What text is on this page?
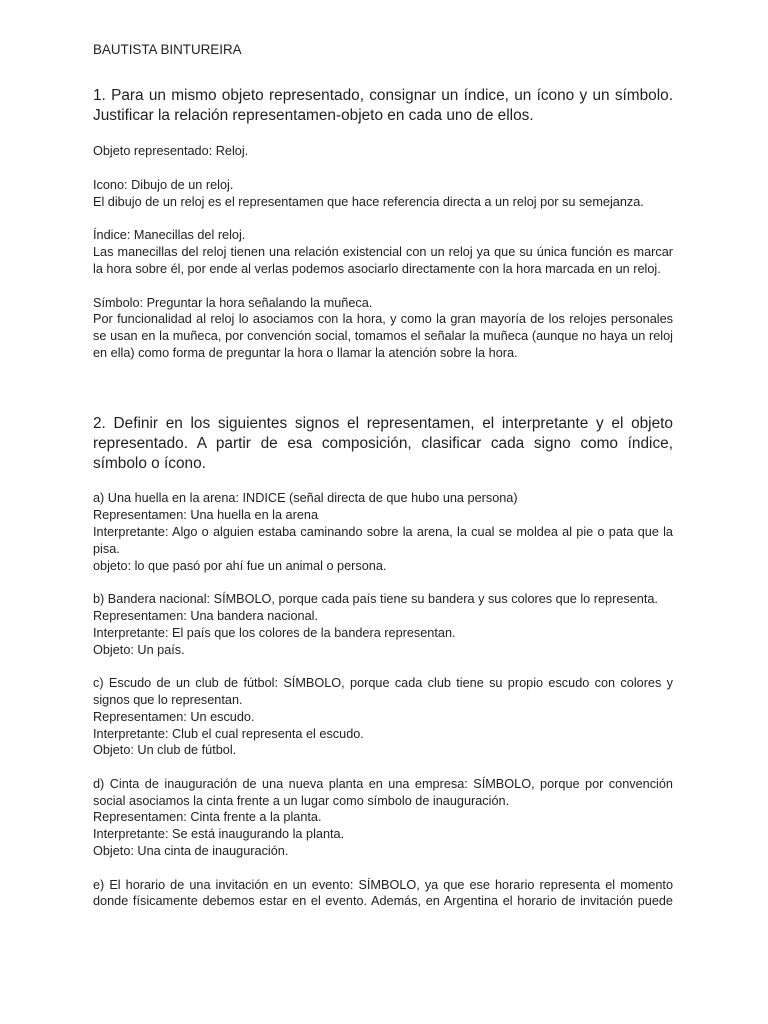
BAUTISTA BINTUREIRA

1. Para un mismo objeto representado, consignar un índice, un ícono y un símbolo. Justificar la relación representamen-objeto en cada uno de ellos.

Objeto representado: Reloj.

Icono: Dibujo de un reloj.

El dibujo de un reloj es el representamen que hace referencia directa a un reloj por su semejanza.

Índice: Manecillas del reloj.

Las manecillas del reloj tienen una relación existencial con un reloj ya que su única función es marcar la hora sobre él, por ende al verlas podemos asociarlo directamente con la hora marcada en un reloj.

Símbolo: Preguntar la hora señalando la muñeca.

Por funcionalidad al reloj lo asociamos con la hora, y como la gran mayoría de los relojes personales se usan en la muñeca, por convención social, tomamos el señalar la muñeca (aunque no haya un reloj en ella) como forma de preguntar la hora o llamar la atención sobre la hora.

2. Definir en los siguientes signos el representamen, el interpretante y el objeto representado. A partir de esa composición, clasificar cada signo como índice, símbolo o ícono.

a) Una huella en la arena: INDICE (señal directa de que hubo una persona)

Representamen: Una huella en la arena

Interpretante: Algo o alguien estaba caminando sobre la arena, la cual se moldea al pie o pata que la pisa.

objeto: lo que pasó por ahí fue un animal o persona.

b) Bandera nacional: SÍMBOLO, porque cada país tiene su bandera y sus colores que lo representa.

Representamen: Una bandera nacional.

Interpretante: El país que los colores de la bandera representan.

Objeto: Un país.

c) Escudo de un club de fútbol: SÍMBOLO, porque cada club tiene su propio escudo con colores y signos que lo representan.

Representamen: Un escudo.

Interpretante: Club el cual representa el escudo.

Objeto: Un club de fútbol.

d) Cinta de inauguración de una nueva planta en una empresa: SÍMBOLO, porque por convención social asociamos la cinta frente a un lugar como símbolo de inauguración.

Representamen: Cinta frente a la planta.

Interpretante: Se está inaugurando la planta.

Objeto: Una cinta de inauguración.

e) El horario de una invitación en un evento: SÍMBOLO, ya que ese horario representa el momento donde físicamente debemos estar en el evento. Además, en Argentina el horario de invitación puede
